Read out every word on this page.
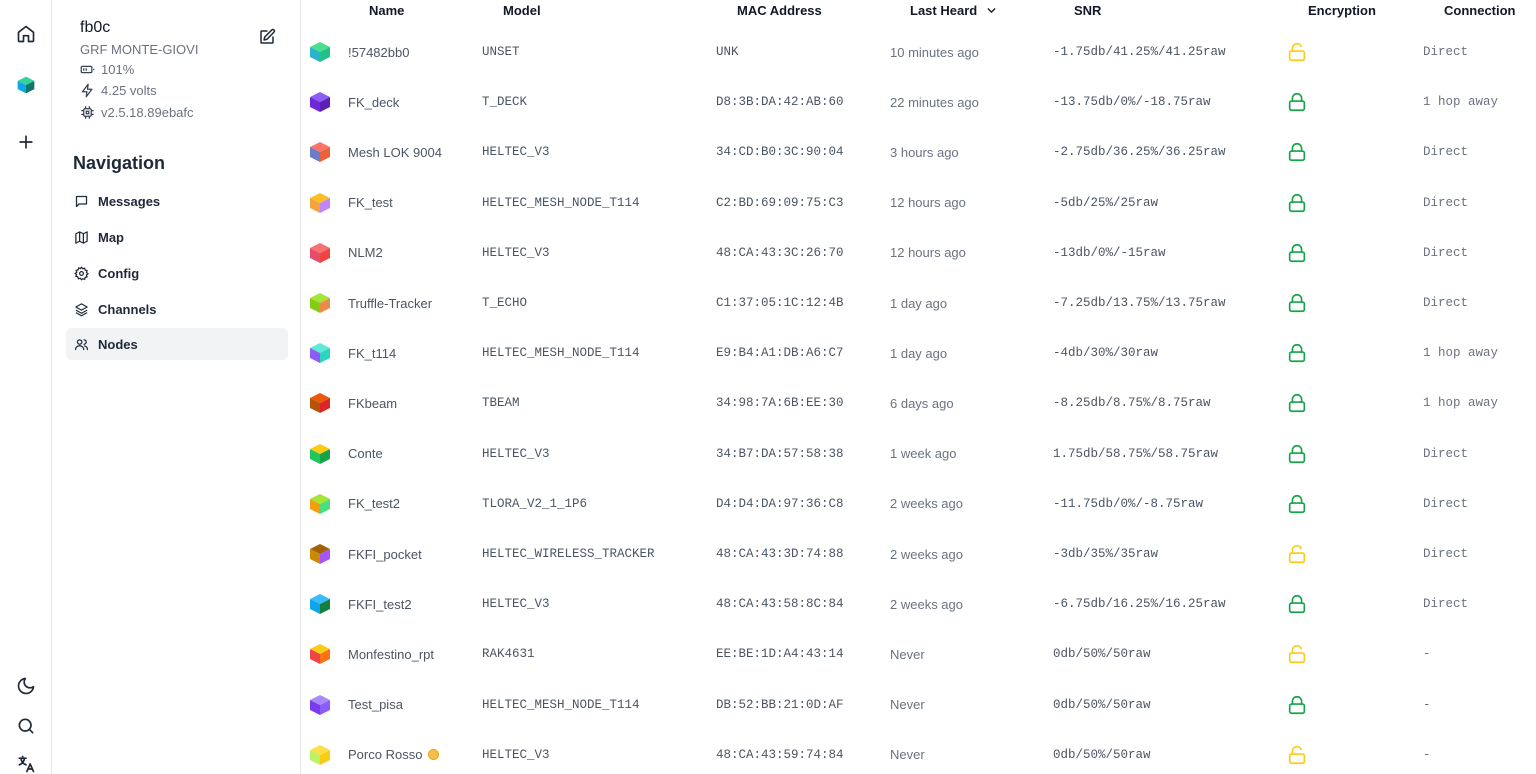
fb0c
GRF MONTE-GIOVI
101%
4.25 volts
v2.5.18.89ebafc
Navigation
Messages
Map
Config
Channels
Nodes
Name	Model	MAC Address	Last Heard	SNR	Encryption	Connection
!57482bb0	UNSET	UNK	10 minutes ago	-1.75db/41.25%/41.25raw	Direct
FK_deck	T_DECK	D8:3B:DA:42:AB:60	22 minutes ago	-13.75db/0%/-18.75raw	1 hop away
Mesh LOK 9004	HELTEC_V3	34:CD:B0:3C:90:04	3 hours ago	-2.75db/36.25%/36.25raw	Direct
FK_test	HELTEC_MESH_NODE_T114	C2:BD:69:09:75:C3	12 hours ago	-5db/25%/25raw	Direct
NLM2	HELTEC_V3	48:CA:43:3C:26:70	12 hours ago	-13db/0%/-15raw	Direct
Truffle-Tracker	T_ECHO	C1:37:05:1C:12:4B	1 day ago	-7.25db/13.75%/13.75raw	Direct
FK_t114	HELTEC_MESH_NODE_T114	E9:B4:A1:DB:A6:C7	1 day ago	-4db/30%/30raw	1 hop away
FKbeam	TBEAM	34:98:7A:6B:EE:30	6 days ago	-8.25db/8.75%/8.75raw	1 hop away
Conte	HELTEC_V3	34:B7:DA:57:58:38	1 week ago	1.75db/58.75%/58.75raw	Direct
FK_test2	TLORA_V2_1_1P6	D4:D4:DA:97:36:C8	2 weeks ago	-11.75db/0%/-8.75raw	Direct
FKFI_pocket	HELTEC_WIRELESS_TRACKER	48:CA:43:3D:74:88	2 weeks ago	-3db/35%/35raw	Direct
FKFI_test2	HELTEC_V3	48:CA:43:58:8C:84	2 weeks ago	-6.75db/16.25%/16.25raw	Direct
Monfestino_rpt	RAK4631	EE:BE:1D:A4:43:14	Never	0db/50%/50raw	-
Test_pisa	HELTEC_MESH_NODE_T114	DB:52:BB:21:0D:AF	Never	0db/50%/50raw	-
Porco Rosso	HELTEC_V3	48:CA:43:59:74:84	Never	0db/50%/50raw	-
